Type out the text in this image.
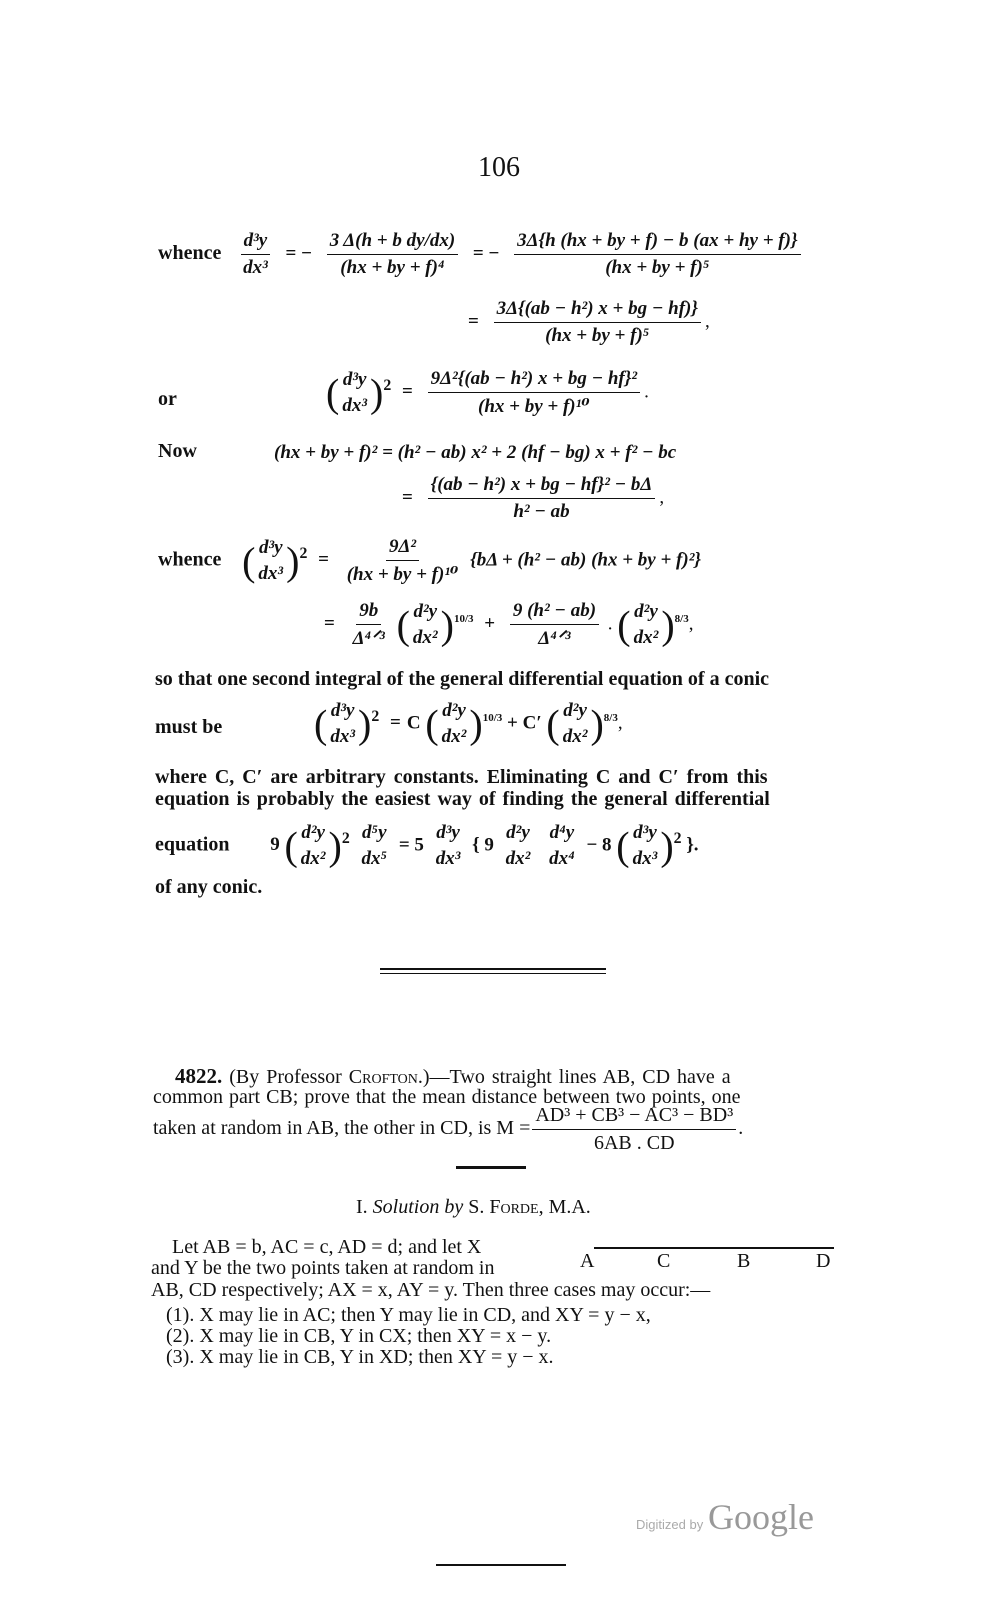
106
whence $\frac{\text{d³y}}{\text{dx³}}$ = − $\frac{\text{3 Δ(h + b dy/dx)}}{\text{(hx + by + f)⁴}}$ = − $\frac{3\Delta\{h (hx + by + f) - b (ax + hy + f)\}}{\text{(hx + by + f)⁵}}$
= $\frac{\text{3Δ\{(ab − h²) x + bg − hf)\}}}{\text{(hx + by + f)⁵}}$ ,
or	( d³y
dx³ )$^2 = \frac{\text{9Δ²\{(ab − h²) x + bg − hf\}²}}{\text{(hx + by + f)¹⁰}}$ .
Now	(hx + by + f)² = (h² − ab) x² + 2 (hf − bg) x + f² − bc
= $\frac{\text{\{(ab − h²) x + bg − hf\}² − bΔ}}{\text{h² − ab}}$ ,
whence ( d³y
dx³ )$^2 = \frac{\text{9Δ²}}{\text{(hx + by + f)¹⁰}} \{b\Delta + (h^2 - ab) (hx$ + by + f)²}
= $\frac{9b}{\text{Δ⁴ᐟ³}}$ ( d²y
dx² )$^{10/3} + \frac{\text{9 (h² − ab)}}{\text{Δ⁴ᐟ³}}$ . ( d²y
dx² )$^{8/3}$,
so that one second integral of the general differential equation of a conic
must be ( d³y
dx³ )$^2$ = C ( d²y
dx² )$^{10/3}$ + C′ ( d²y
dx² )$^{8/3}$,
where C, C′ are arbitrary constants. Eliminating C and C′ from this
equation is probably the easiest way of finding the general differential
equation 9 ( d²y
dx² )$^2$ d⁵y
dx⁵
= 5
d³y
dx³
{ 9
d²y
dx²

d⁴y
dx⁴
− 8 ( d³y
dx³ )$^2$ }.
of any conic.
4822. (By Professor Crofton.)—Two straight lines AB, CD have a
common part CB; prove that the mean distance between two points, one
taken at random in AB, the other in CD, is $M = \frac{\text{AD³ + CB³ − AC³ − BD³}}{6AB . CD}$ .
I. Solution by S. Forde, M.A.
Let AB = b, AC = c, AD = d; and let X
and Y be the two points taken at random in
AB, CD respectively; AX = x, AY = y. Then three cases may occur:—
(1). X may lie in AC; then Y may lie in CD, and XY = y − x,
(2). X may lie in CB, Y in CX; then XY = x − y.
(3). X may lie in CB, Y in XD; then XY = y − x.
A	C	B	D
Digitized by Google
